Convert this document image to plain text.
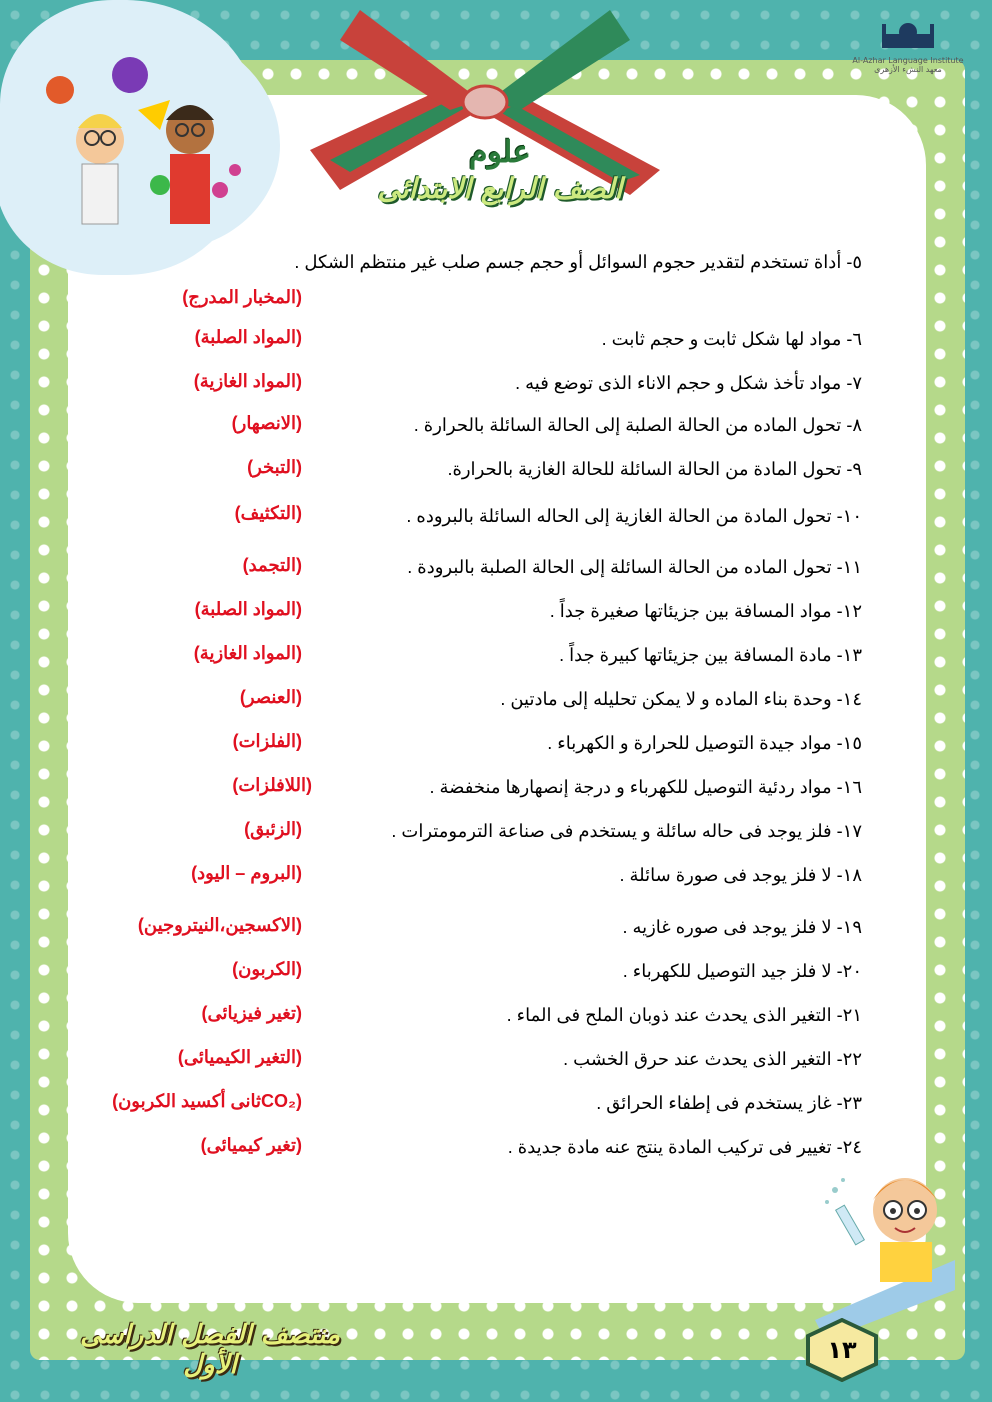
Al-Azhar Language Institute
معهد النشء الأزهرى
علوم
الصف الرابع الابتدائى
٥- أداة تستخدم لتقدير حجوم السوائل أو حجم جسم صلب غير منتظم الشكل .
(المخبار المدرج)
٦- مواد لها شكل ثابت و حجم ثابت .
(المواد الصلبة)
٧- مواد تأخذ شكل و حجم الاناء الذى توضع فيه .
(المواد الغازية)
٨- تحول الماده من الحالة الصلبة إلى الحالة السائلة بالحرارة .
(الانصهار)
٩- تحول المادة من الحالة السائلة للحالة الغازية بالحرارة.
(التبخر)
١٠- تحول المادة من الحالة الغازية إلى الحاله السائلة بالبروده .
(التكثيف)
١١- تحول الماده من الحالة السائلة إلى الحالة الصلبة بالبرودة .
(التجمد)
١٢- مواد المسافة بين جزيئاتها صغيرة جداً .
(المواد الصلبة)
١٣- مادة المسافة بين جزيئاتها كبيرة جداً .
(المواد الغازية)
١٤- وحدة بناء الماده و لا يمكن تحليله إلى مادتين .
(العنصر)
١٥- مواد جيدة التوصيل للحرارة و الكهرباء .
(الفلزات)
١٦- مواد ردئية التوصيل للكهرباء و درجة إنصهارها منخفضة .
(اللافلزات)
١٧- فلز يوجد فى حاله سائلة و يستخدم فى صناعة الترمومترات .
(الزئبق)
١٨- لا فلز يوجد فى صورة سائلة .
(البروم – اليود)
١٩- لا فلز يوجد فى صوره غازيه .
(الاكسجين،النيتروجين)
٢٠- لا فلز جيد التوصيل للكهرباء .
(الكربون)
٢١- التغير الذى يحدث عند ذوبان الملح فى الماء .
(تغير فيزيائى)
٢٢- التغير الذى يحدث عند حرق الخشب .
(التغير الكيميائى)
٢٣- غاز يستخدم فى إطفاء الحرائق .
(CO₂ثانى أكسيد الكربون)
٢٤- تغيير فى تركيب المادة ينتج عنه مادة جديدة .
(تغير كيميائى)
منتصف الفصل الدراسى الأول	١٣
